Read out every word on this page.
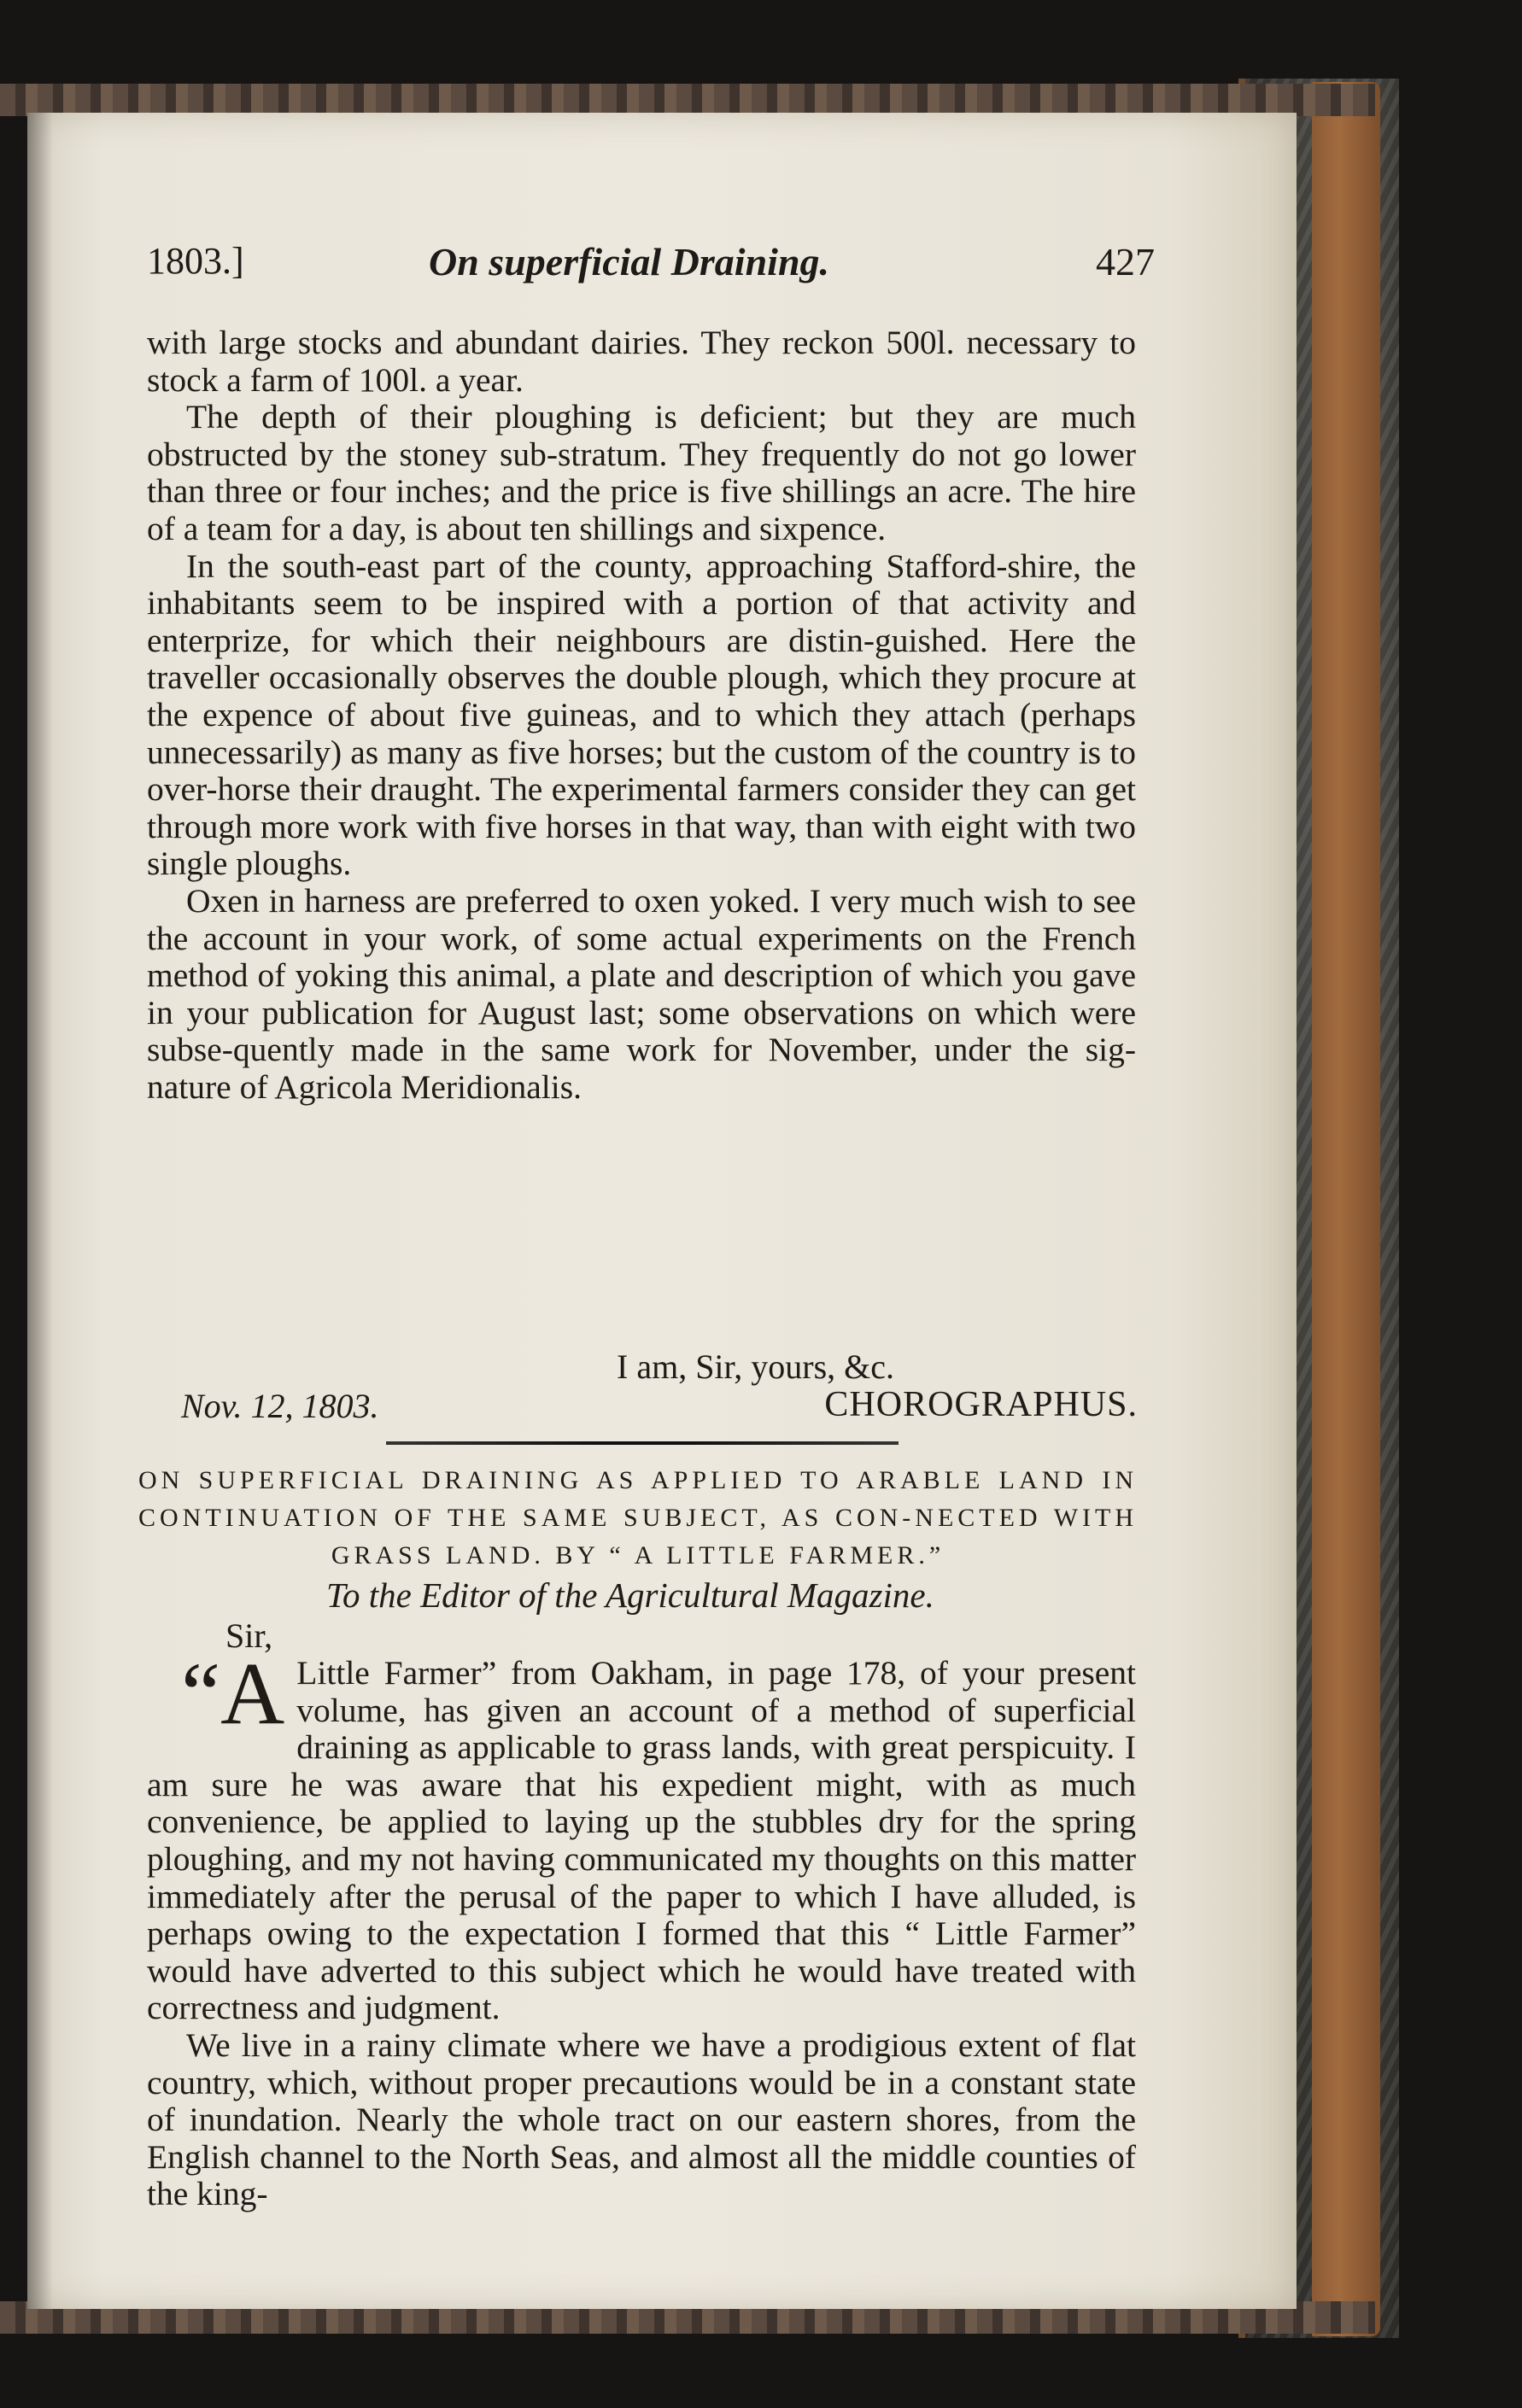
1803.]	On superficial Draining.	427

with large stocks and abundant dairies. They reckon 500l. necessary to stock a farm of 100l. a year.

The depth of their ploughing is deficient; but they are much obstructed by the stoney sub-stratum. They frequently do not go lower than three or four inches; and the price is five shillings an acre. The hire of a team for a day, is about ten shillings and sixpence.

In the south-east part of the county, approaching Stafford-shire, the inhabitants seem to be inspired with a portion of that activity and enterprize, for which their neighbours are distin-guished. Here the traveller occasionally observes the double plough, which they procure at the expence of about five guineas, and to which they attach (perhaps unnecessarily) as many as five horses; but the custom of the country is to over-horse their draught. The experimental farmers consider they can get through more work with five horses in that way, than with eight with two single ploughs.

Oxen in harness are preferred to oxen yoked. I very much wish to see the account in your work, of some actual experiments on the French method of yoking this animal, a plate and description of which you gave in your publication for August last; some observations on which were subse-quently made in the same work for November, under the sig-nature of Agricola Meridionalis.

I am, Sir, yours, &c.
Nov. 12, 1803.	CHOROGRAPHUS.
ON SUPERFICIAL DRAINING AS APPLIED TO ARABLE LAND IN CONTINUATION OF THE SAME SUBJECT, AS CON-NECTED WITH GRASS LAND. BY “ A LITTLE FARMER.”
To the Editor of the Agricultural Magazine.
Sir,

“A Little Farmer” from Oakham, in page 178, of your present volume, has given an account of a method of superficial draining as applicable to grass lands, with great perspicuity. I am sure he was aware that his expedient might, with as much convenience, be applied to laying up the stubbles dry for the spring ploughing, and my not having communicated my thoughts on this matter immediately after the perusal of the paper to which I have alluded, is perhaps owing to the expectation I formed that this “ Little Farmer” would have adverted to this subject which he would have treated with correctness and judgment.

We live in a rainy climate where we have a prodigious extent of flat country, which, without proper precautions would be in a constant state of inundation. Nearly the whole tract on our eastern shores, from the English channel to the North Seas, and almost all the middle counties of the king-
